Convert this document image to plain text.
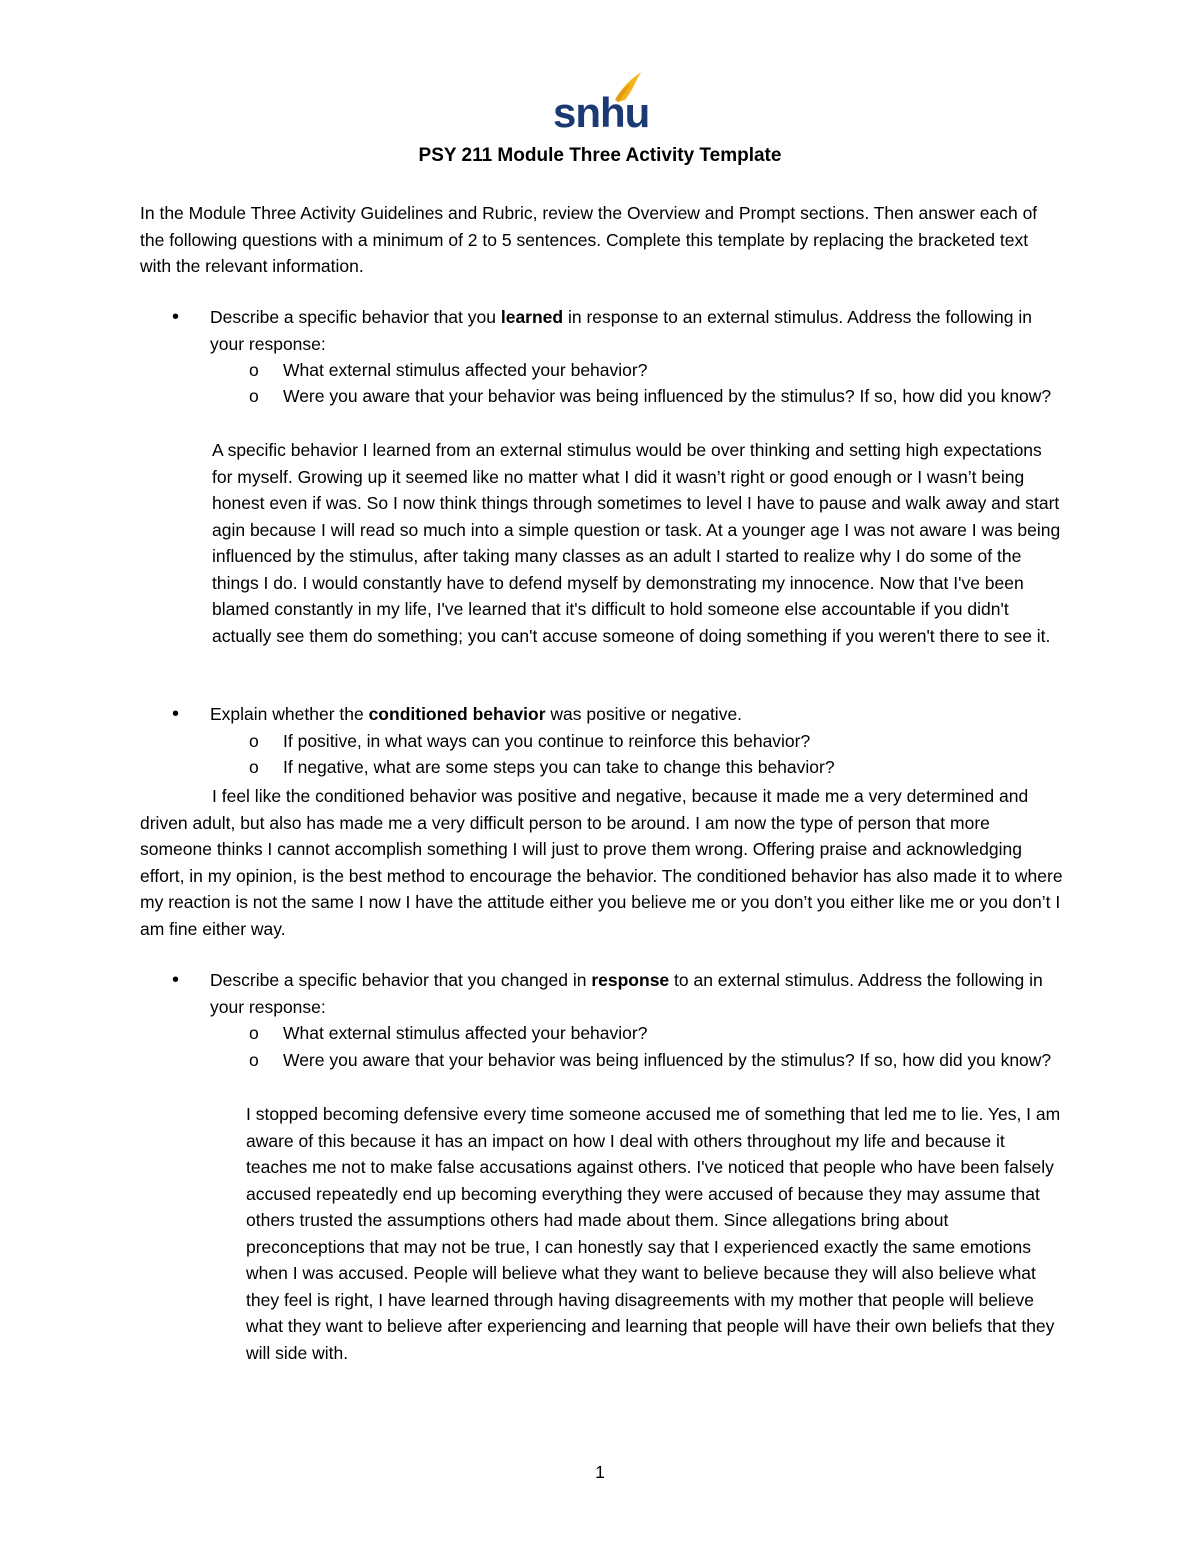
snhu
PSY 211 Module Three Activity Template
In the Module Three Activity Guidelines and Rubric, review the Overview and Prompt sections. Then answer each of the following questions with a minimum of 2 to 5 sentences. Complete this template by replacing the bracketed text with the relevant information.
• Describe a specific behavior that you learned in response to an external stimulus. Address the following in your response:
o What external stimulus affected your behavior?
o Were you aware that your behavior was being influenced by the stimulus? If so, how did you know?
A specific behavior I learned from an external stimulus would be over thinking and setting high expectations for myself. Growing up it seemed like no matter what I did it wasn’t right or good enough or I wasn’t being honest even if was. So I now think things through sometimes to level I have to pause and walk away and start agin because I will read so much into a simple question or task. At a younger age I was not aware I was being influenced by the stimulus, after taking many classes as an adult I started to realize why I do some of the things I do. I would constantly have to defend myself by demonstrating my innocence. Now that I've been blamed constantly in my life, I've learned that it's difficult to hold someone else accountable if you didn't actually see them do something; you can't accuse someone of doing something if you weren't there to see it.
• Explain whether the conditioned behavior was positive or negative.
o If positive, in what ways can you continue to reinforce this behavior?
o If negative, what are some steps you can take to change this behavior?
I feel like the conditioned behavior was positive and negative, because it made me a very determined and driven adult, but also has made me a very difficult person to be around. I am now the type of person that more someone thinks I cannot accomplish something I will just to prove them wrong. Offering praise and acknowledging effort, in my opinion, is the best method to encourage the behavior. The conditioned behavior has also made it to where my reaction is not the same I now I have the attitude either you believe me or you don’t you either like me or you don’t I am fine either way.
• Describe a specific behavior that you changed in response to an external stimulus. Address the following in your response:
o What external stimulus affected your behavior?
o Were you aware that your behavior was being influenced by the stimulus? If so, how did you know?
I stopped becoming defensive every time someone accused me of something that led me to lie. Yes, I am aware of this because it has an impact on how I deal with others throughout my life and because it teaches me not to make false accusations against others. I've noticed that people who have been falsely accused repeatedly end up becoming everything they were accused of because they may assume that others trusted the assumptions others had made about them. Since allegations bring about preconceptions that may not be true, I can honestly say that I experienced exactly the same emotions when I was accused. People will believe what they want to believe because they will also believe what they feel is right, I have learned through having disagreements with my mother that people will believe what they want to believe after experiencing and learning that people will have their own beliefs that they will side with.
1
